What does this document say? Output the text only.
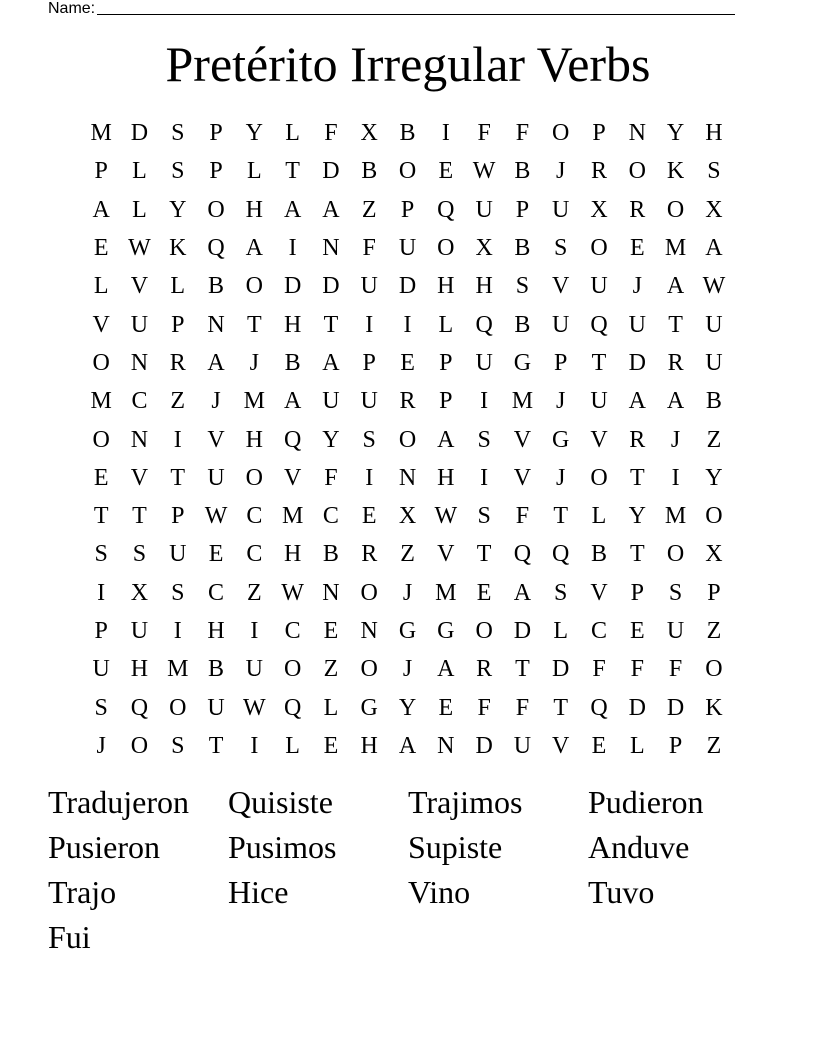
Name:
Pretérito Irregular Verbs
M D S	P Y L	F X B	I	F	F O P N Y H
P	L	S	P	L T D B O E W B	J	R O K S
A L Y O H A A Z	P Q U P U X R O X
E W K Q A	I	N F U O X B S O E M A
L V L B O D D U D H H S V U	J	A W
V U P N T H T	I	I	L Q B U Q U T U
O N R A	J	B A P	E	P U G P	T D R U
M C Z	J M A U U R P	I M J	U A A B
O N	I	V H Q Y S O A S V G V R	J	Z
E V T U O V F	I	N H	I	V	J	O T	I	Y
T T	P W C M C E X W S	F	T L Y M O
S	S U E C H B R Z V T Q Q B T O X
I	X S C Z W N O	J M E A S V P	S	P
P U	I	H	I	C E N G G O D L C E U Z
U H M B U O Z O	J	A R T D F	F	F O
S Q O U W Q L G Y E	F	F	T Q D D K
J	O S	T	I	L E H A N D U V E L	P	Z
Tradujeron	Quisiste	Trajimos	Pudieron
Pusieron	Pusimos	Supiste	Anduve
Trajo	Hice	Vino	Tuvo
Fui
